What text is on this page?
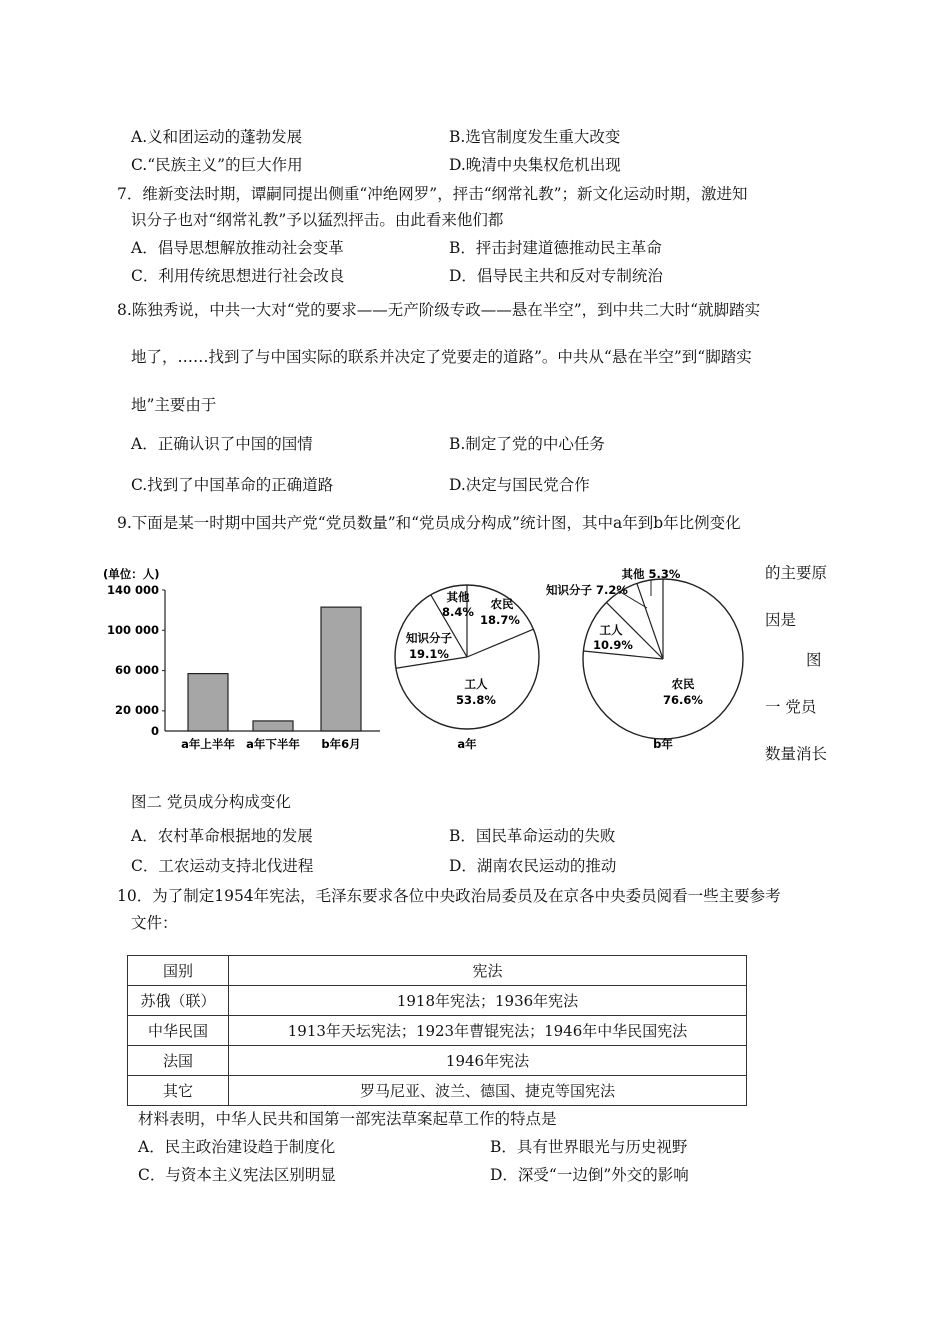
A.义和团运动的蓬勃发展	B.选官制度发生重大改变
C.“民族主义”的巨大作用	D.晚清中央集权危机出现
7．维新变法时期，谭嗣同提出侧重“冲绝网罗”，抨击“纲常礼教”；新文化运动时期，激进知
识分子也对“纲常礼教”予以猛烈抨击。由此看来他们都
A．倡导思想解放推动社会变革	B．抨击封建道德推动民主革命
C．利用传统思想进行社会改良	D．倡导民主共和反对专制统治
8.陈独秀说，中共一大对“党的要求——无产阶级专政——悬在半空”，到中共二大时“就脚踏实
地了，……找到了与中国实际的联系并决定了党要走的道路”。中共从“悬在半空”到“脚踏实
地”主要由于
A．正确认识了中国的国情	B.制定了党的中心任务
C.找到了中国革命的正确道路	D.决定与国民党合作
9.下面是某一时期中国共产党“党员数量”和“党员成分构成”统计图，其中a年到b年比例变化
的主要原
因是
图
一 党员
数量消长
(单位：人)
140 000
100 000
60 000
20 000
0
a年上半年 a年下半年 b年6月
农民
18.7%
工人
53.8%
知识分子
19.1%
其他
8.4%
a年
知识分子 7.2%
其他 5.3%
工人
10.9%
农民
76.6%
b年
图二 党员成分构成变化
A．农村革命根据地的发展	B．国民革命运动的失败
C．工农运动支持北伐进程	D．湖南农民运动的推动
10．为了制定1954年宪法，毛泽东要求各位中央政治局委员及在京各中央委员阅看一些主要参考
文件：
国别	宪法
苏俄（联）	1918年宪法；1936年宪法
中华民国	1913年天坛宪法；1923年曹锟宪法；1946年中华民国宪法
法国	1946年宪法
其它	罗马尼亚、波兰、德国、捷克等国宪法
材料表明，中华人民共和国第一部宪法草案起草工作的特点是
A．民主政治建设趋于制度化	B．具有世界眼光与历史视野
C．与资本主义宪法区别明显	D．深受“一边倒”外交的影响
